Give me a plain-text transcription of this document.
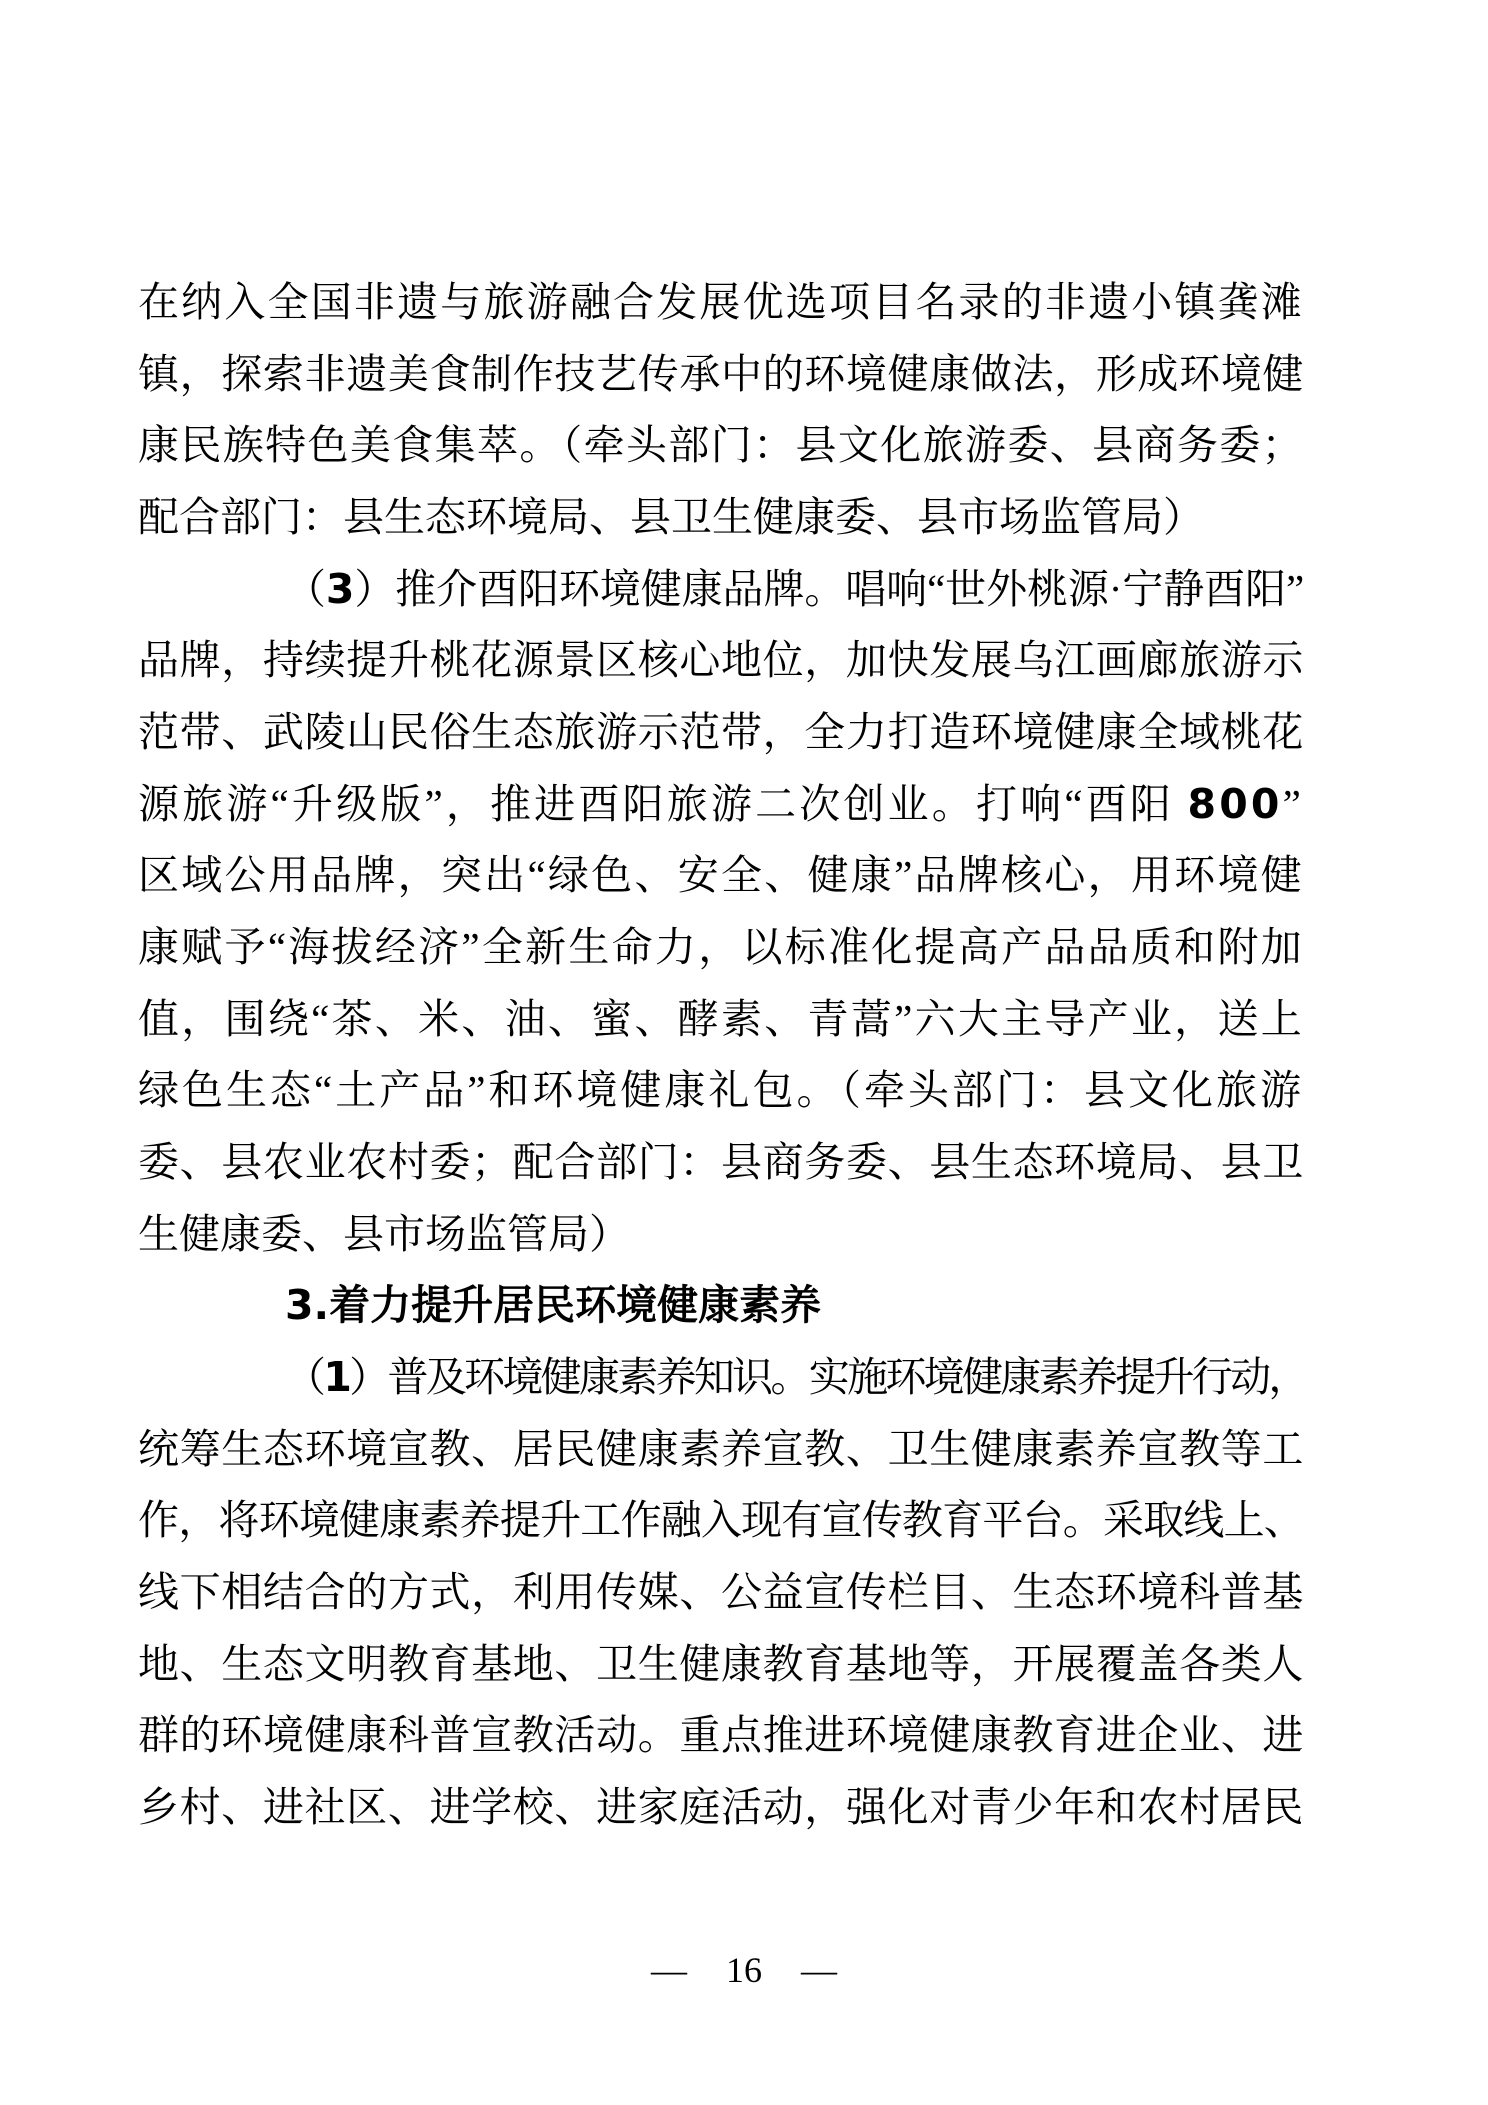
在纳入全国非遗与旅游融合发展优选项目名录的非遗小镇龚滩
镇，探索非遗美食制作技艺传承中的环境健康做法，形成环境健
康民族特色美食集萃。（牵头部门：县文化旅游委、县商务委；
配合部门：县生态环境局、县卫生健康委、县市场监管局）
（3）推介酉阳环境健康品牌。唱响“世外桃源·宁静酉阳”
品牌，持续提升桃花源景区核心地位，加快发展乌江画廊旅游示
范带、武陵山民俗生态旅游示范带，全力打造环境健康全域桃花
源旅游“升级版”，推进酉阳旅游二次创业。打响“酉阳 800”
区域公用品牌，突出“绿色、安全、健康”品牌核心，用环境健
康赋予“海拔经济”全新生命力，以标准化提高产品品质和附加
值，围绕“茶、米、油、蜜、酵素、青蒿”六大主导产业，送上
绿色生态“土产品”和环境健康礼包。（牵头部门：县文化旅游
委、县农业农村委；配合部门：县商务委、县生态环境局、县卫
生健康委、县市场监管局）
3.着力提升居民环境健康素养
（1）普及环境健康素养知识。实施环境健康素养提升行动，
统筹生态环境宣教、居民健康素养宣教、卫生健康素养宣教等工
作，将环境健康素养提升工作融入现有宣传教育平台。采取线上、
线下相结合的方式，利用传媒、公益宣传栏目、生态环境科普基
地、生态文明教育基地、卫生健康教育基地等，开展覆盖各类人
群的环境健康科普宣教活动。重点推进环境健康教育进企业、进
乡村、进社区、进学校、进家庭活动，强化对青少年和农村居民
— 16 —
